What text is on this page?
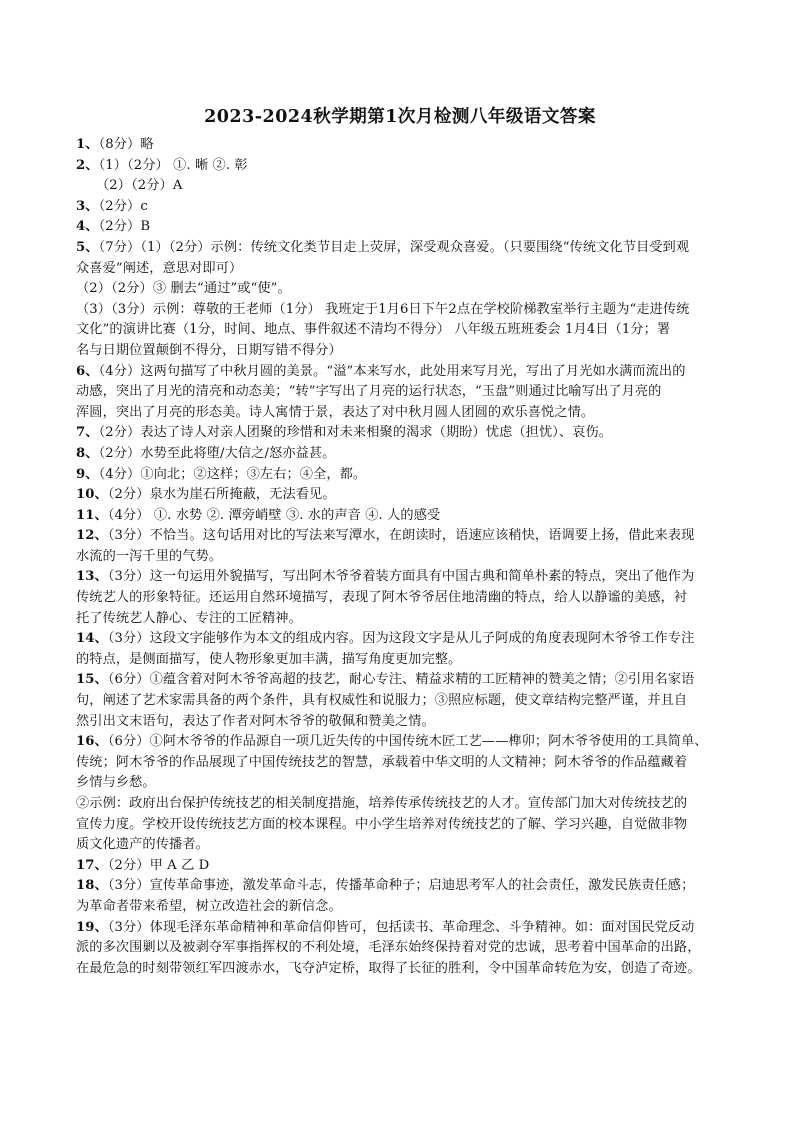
2023-2024秋学期第1次月检测八年级语文答案
1、（8分）略
2、（1）（2分） ①. 晰 ②. 彰
（2）（2分）A
3、（2分）c
4、（2分）B
5、（7分）（1）（2分）示例：传统文化类节目走上荧屏，深受观众喜爱。（只要围绕“传统文化节目受到观
众喜爱”阐述，意思对即可）
（2）（2分）③ 删去“通过”或“使”。
（3）（3分）示例：尊敬的王老师（1分） 我班定于1月6日下午2点在学校阶梯教室举行主题为“走进传统
文化”的演讲比赛（1分，时间、地点、事件叙述不清均不得分） 八年级五班班委会 1月4日（1分；署
名与日期位置颠倒不得分，日期写错不得分）
6、（4分）这两句描写了中秋月圆的美景。“溢”本来写水，此处用来写月光，写出了月光如水满而流出的
动感，突出了月光的清亮和动态美；“转”字写出了月亮的运行状态，“玉盘”则通过比喻写出了月亮的
浑圆，突出了月亮的形态美。诗人寓情于景，表达了对中秋月圆人团圆的欢乐喜悦之情。
7、（2分）表达了诗人对亲人团聚的珍惜和对未来相聚的渴求（期盼）忧虑（担忧）、哀伤。
8、（2分）水势至此将堕/大信之/怒亦益甚。
9、（4分）①向北；②这样；③左右；④全，都。
10、（2分）泉水为崖石所掩蔽，无法看见。
11、（4分） ①. 水势 ②. 潭旁峭壁 ③. 水的声音 ④. 人的感受
12、（3分）不恰当。这句话用对比的写法来写潭水，在朗读时，语速应该稍快，语调要上扬，借此来表现
水流的一泻千里的气势。
13、（3分）这一句运用外貌描写，写出阿木爷爷着装方面具有中国古典和简单朴素的特点，突出了他作为
传统艺人的形象特征。还运用自然环境描写，表现了阿木爷爷居住地清幽的特点，给人以静谧的美感，衬
托了传统艺人静心、专注的工匠精神。
14、（3分）这段文字能够作为本文的组成内容。因为这段文字是从儿子阿成的角度表现阿木爷爷工作专注
的特点，是侧面描写，使人物形象更加丰满，描写角度更加完整。
15、（6分）①蕴含着对阿木爷爷高超的技艺，耐心专注、精益求精的工匠精神的赞美之情；②引用名家语
句，阐述了艺术家需具备的两个条件，具有权威性和说服力；③照应标题，使文章结构完整严谨，并且自
然引出文末语句，表达了作者对阿木爷爷的敬佩和赞美之情。
16、（6分）①阿木爷爷的作品源自一项几近失传的中国传统木匠工艺——榫卯；阿木爷爷使用的工具简单、
传统；阿木爷爷的作品展现了中国传统技艺的智慧，承载着中华文明的人文精神；阿木爷爷的作品蕴藏着
乡情与乡愁。
②示例：政府出台保护传统技艺的相关制度措施，培养传承传统技艺的人才。宣传部门加大对传统技艺的
宣传力度。学校开设传统技艺方面的校本课程。中小学生培养对传统技艺的了解、学习兴趣，自觉做非物
质文化遗产的传播者。
17、（2分）甲 A 乙 D
18、（3分）宣传革命事迹，激发革命斗志，传播革命种子；启迪思考军人的社会责任，激发民族责任感；
为革命者带来希望，树立改造社会的新信念。
19、（3分）体现毛泽东革命精神和革命信仰皆可，包括读书、革命理念、斗争精神。如：面对国民党反动
派的多次围剿以及被剥夺军事指挥权的不利处境，毛泽东始终保持着对党的忠诚，思考着中国革命的出路，
在最危急的时刻带领红军四渡赤水，飞夺泸定桥，取得了长征的胜利，令中国革命转危为安，创造了奇迹。
